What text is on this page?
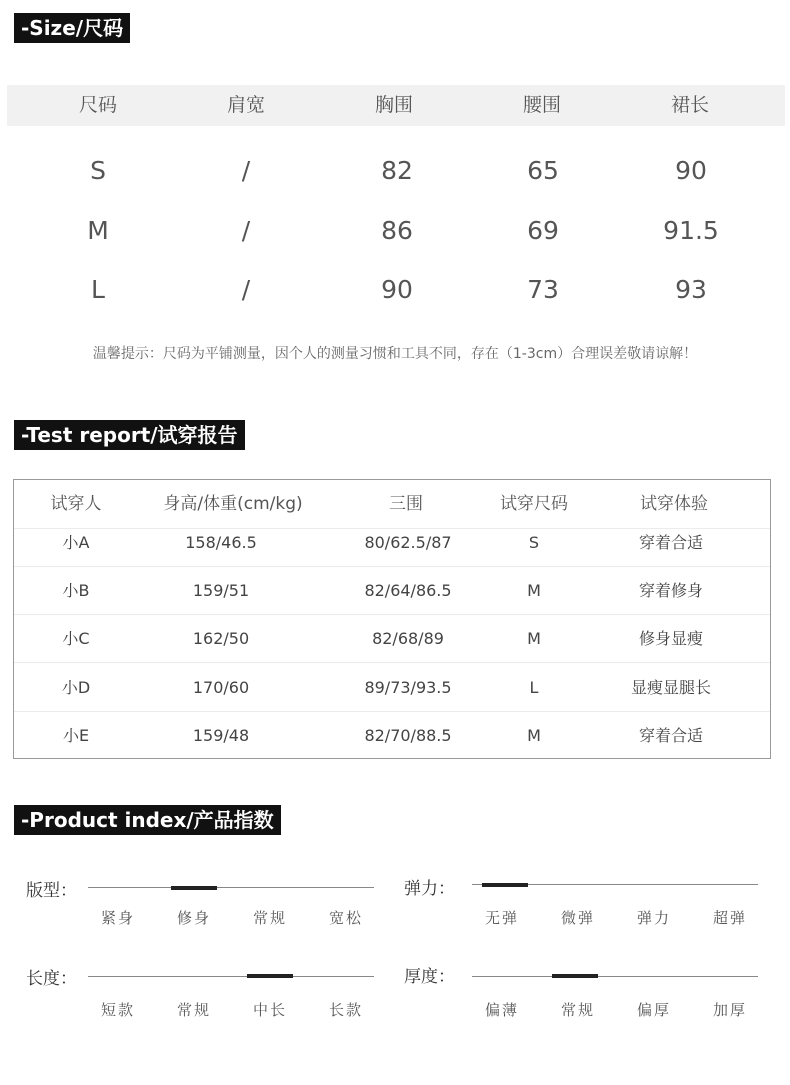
-Size/尺码
尺码	肩宽	胸围	腰围	裙长
S	/	82	65	90
M	/	86	69	91.5
L	/	90	73	93
温馨提示：尺码为平铺测量，因个人的测量习惯和工具不同，存在（1-3cm）合理误差敬请谅解！
-Test report/试穿报告
试穿人	身高/体重(cm/kg)	三围	试穿尺码	试穿体验
小A	158/46.5	80/62.5/87	S	穿着合适
小B	159/51	82/64/86.5	M	穿着修身
小C	162/50	82/68/89	M	修身显瘦
小D	170/60	89/73/93.5	L	显瘦显腿长
小E	159/48	82/70/88.5	M	穿着合适
-Product index/产品指数
版型：
紧身	修身	常规	宽松
弹力：
无弹	微弹	弹力	超弹
长度：
短款	常规	中长	长款
厚度：
偏薄	常规	偏厚	加厚
